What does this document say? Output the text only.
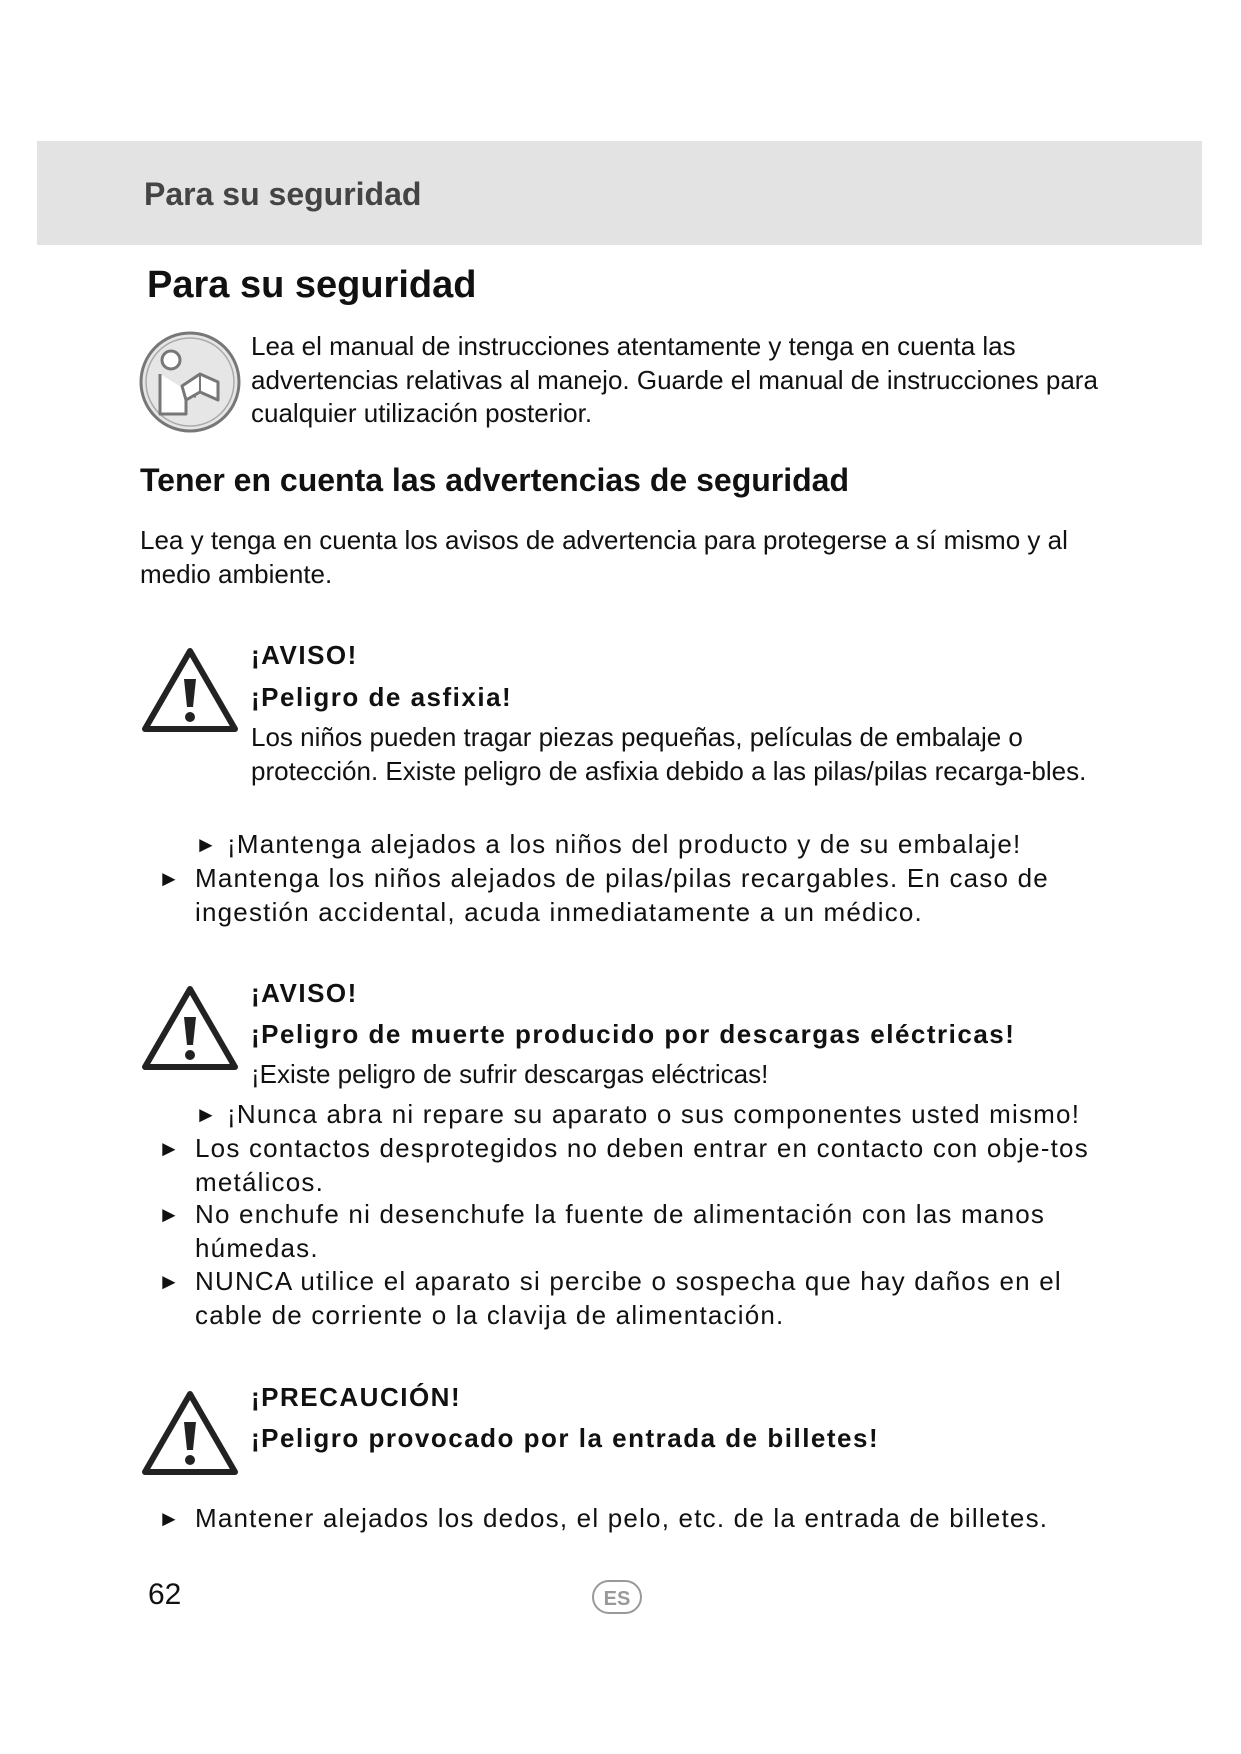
Para su seguridad
Para su seguridad
Lea el manual de instrucciones atentamente y tenga en cuenta las advertencias relativas al manejo. Guarde el manual de instrucciones para cualquier utilización posterior.
Tener en cuenta las advertencias de seguridad
Lea y tenga en cuenta los avisos de advertencia para protegerse a sí mismo y al medio ambiente.
¡AVISO!
¡Peligro de asfixia!
Los niños pueden tragar piezas pequeñas, películas de embalaje o protección. Existe peligro de asfixia debido a las pilas/pilas recarga-bles.
► ¡Mantenga alejados a los niños del producto y de su embalaje!
► Mantenga los niños alejados de pilas/pilas recargables. En caso de ingestión accidental, acuda inmediatamente a un médico.
¡AVISO!
¡Peligro de muerte producido por descargas eléctricas!
¡Existe peligro de sufrir descargas eléctricas!
► ¡Nunca abra ni repare su aparato o sus componentes usted mismo!
► Los contactos desprotegidos no deben entrar en contacto con obje-tos metálicos.
► No enchufe ni desenchufe la fuente de alimentación con las manos húmedas.
► NUNCA utilice el aparato si percibe o sospecha que hay daños en el cable de corriente o la clavija de alimentación.
¡PRECAUCIÓN!
¡Peligro provocado por la entrada de billetes!
► Mantener alejados los dedos, el pelo, etc. de la entrada de billetes.
62	ES
